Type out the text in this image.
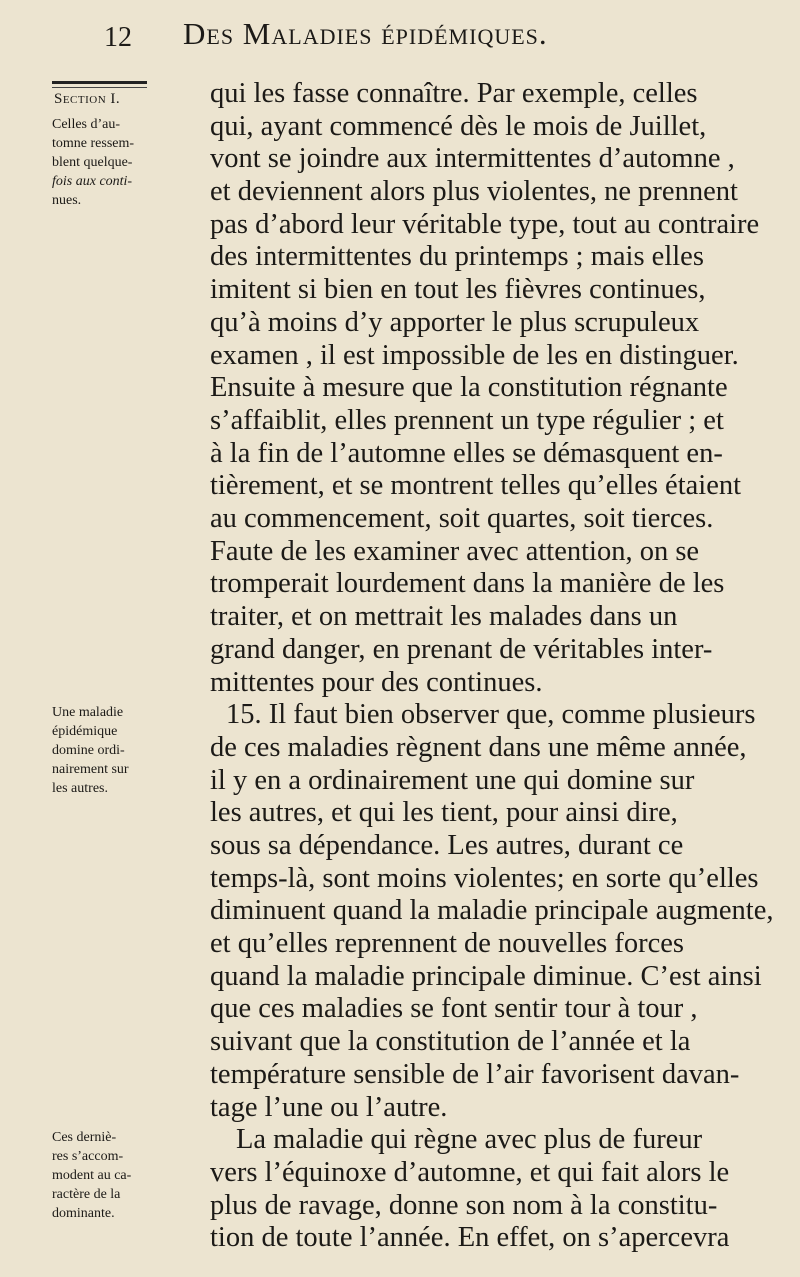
12 Des Maladies épidémiques.
Section I.	qui les fasse connaître. Par exemple, celles
qui, ayant commencé dès le mois de Juillet,
vont se joindre aux intermittentes d’automne ,
et deviennent alors plus violentes, ne prennent
pas d’abord leur véritable type, tout au contraire
des intermittentes du printemps ; mais elles
imitent si bien en tout les fièvres continues,
qu’à moins d’y apporter le plus scrupuleux
examen , il est impossible de les en distinguer.
Ensuite à mesure que la constitution régnante
s’affaiblit, elles prennent un type régulier ; et
à la fin de l’automne elles se démasquent en-
tièrement, et se montrent telles qu’elles étaient
au commencement, soit quartes, soit tierces.
Faute de les examiner avec attention, on se
tromperait lourdement dans la manière de les
traiter, et on mettrait les malades dans un
grand danger, en prenant de véritables inter-
mittentes pour des continues.
15. Il faut bien observer que, comme plusieurs
de ces maladies règnent dans une même année,
il y en a ordinairement une qui domine sur
les autres, et qui les tient, pour ainsi dire,
sous sa dépendance. Les autres, durant ce
temps-là, sont moins violentes; en sorte qu’elles
diminuent quand la maladie principale augmente,
et qu’elles reprennent de nouvelles forces
quand la maladie principale diminue. C’est ainsi
que ces maladies se font sentir tour à tour ,
suivant que la constitution de l’année et la
température sensible de l’air favorisent davan-
tage l’une ou l’autre.
La maladie qui règne avec plus de fureur
vers l’équinoxe d’automne, et qui fait alors le
plus de ravage, donne son nom à la constitu-
tion de toute l’année. En effet, on s’apercevra
Celles d’au-
tomne ressem-
blent quelque-
fois aux conti-
nues.
Une maladie
épidémique
domine ordi-
nairement sur
les autres.
Ces derniè-
res s’accom-
modent au ca-
ractère de la
dominante.
